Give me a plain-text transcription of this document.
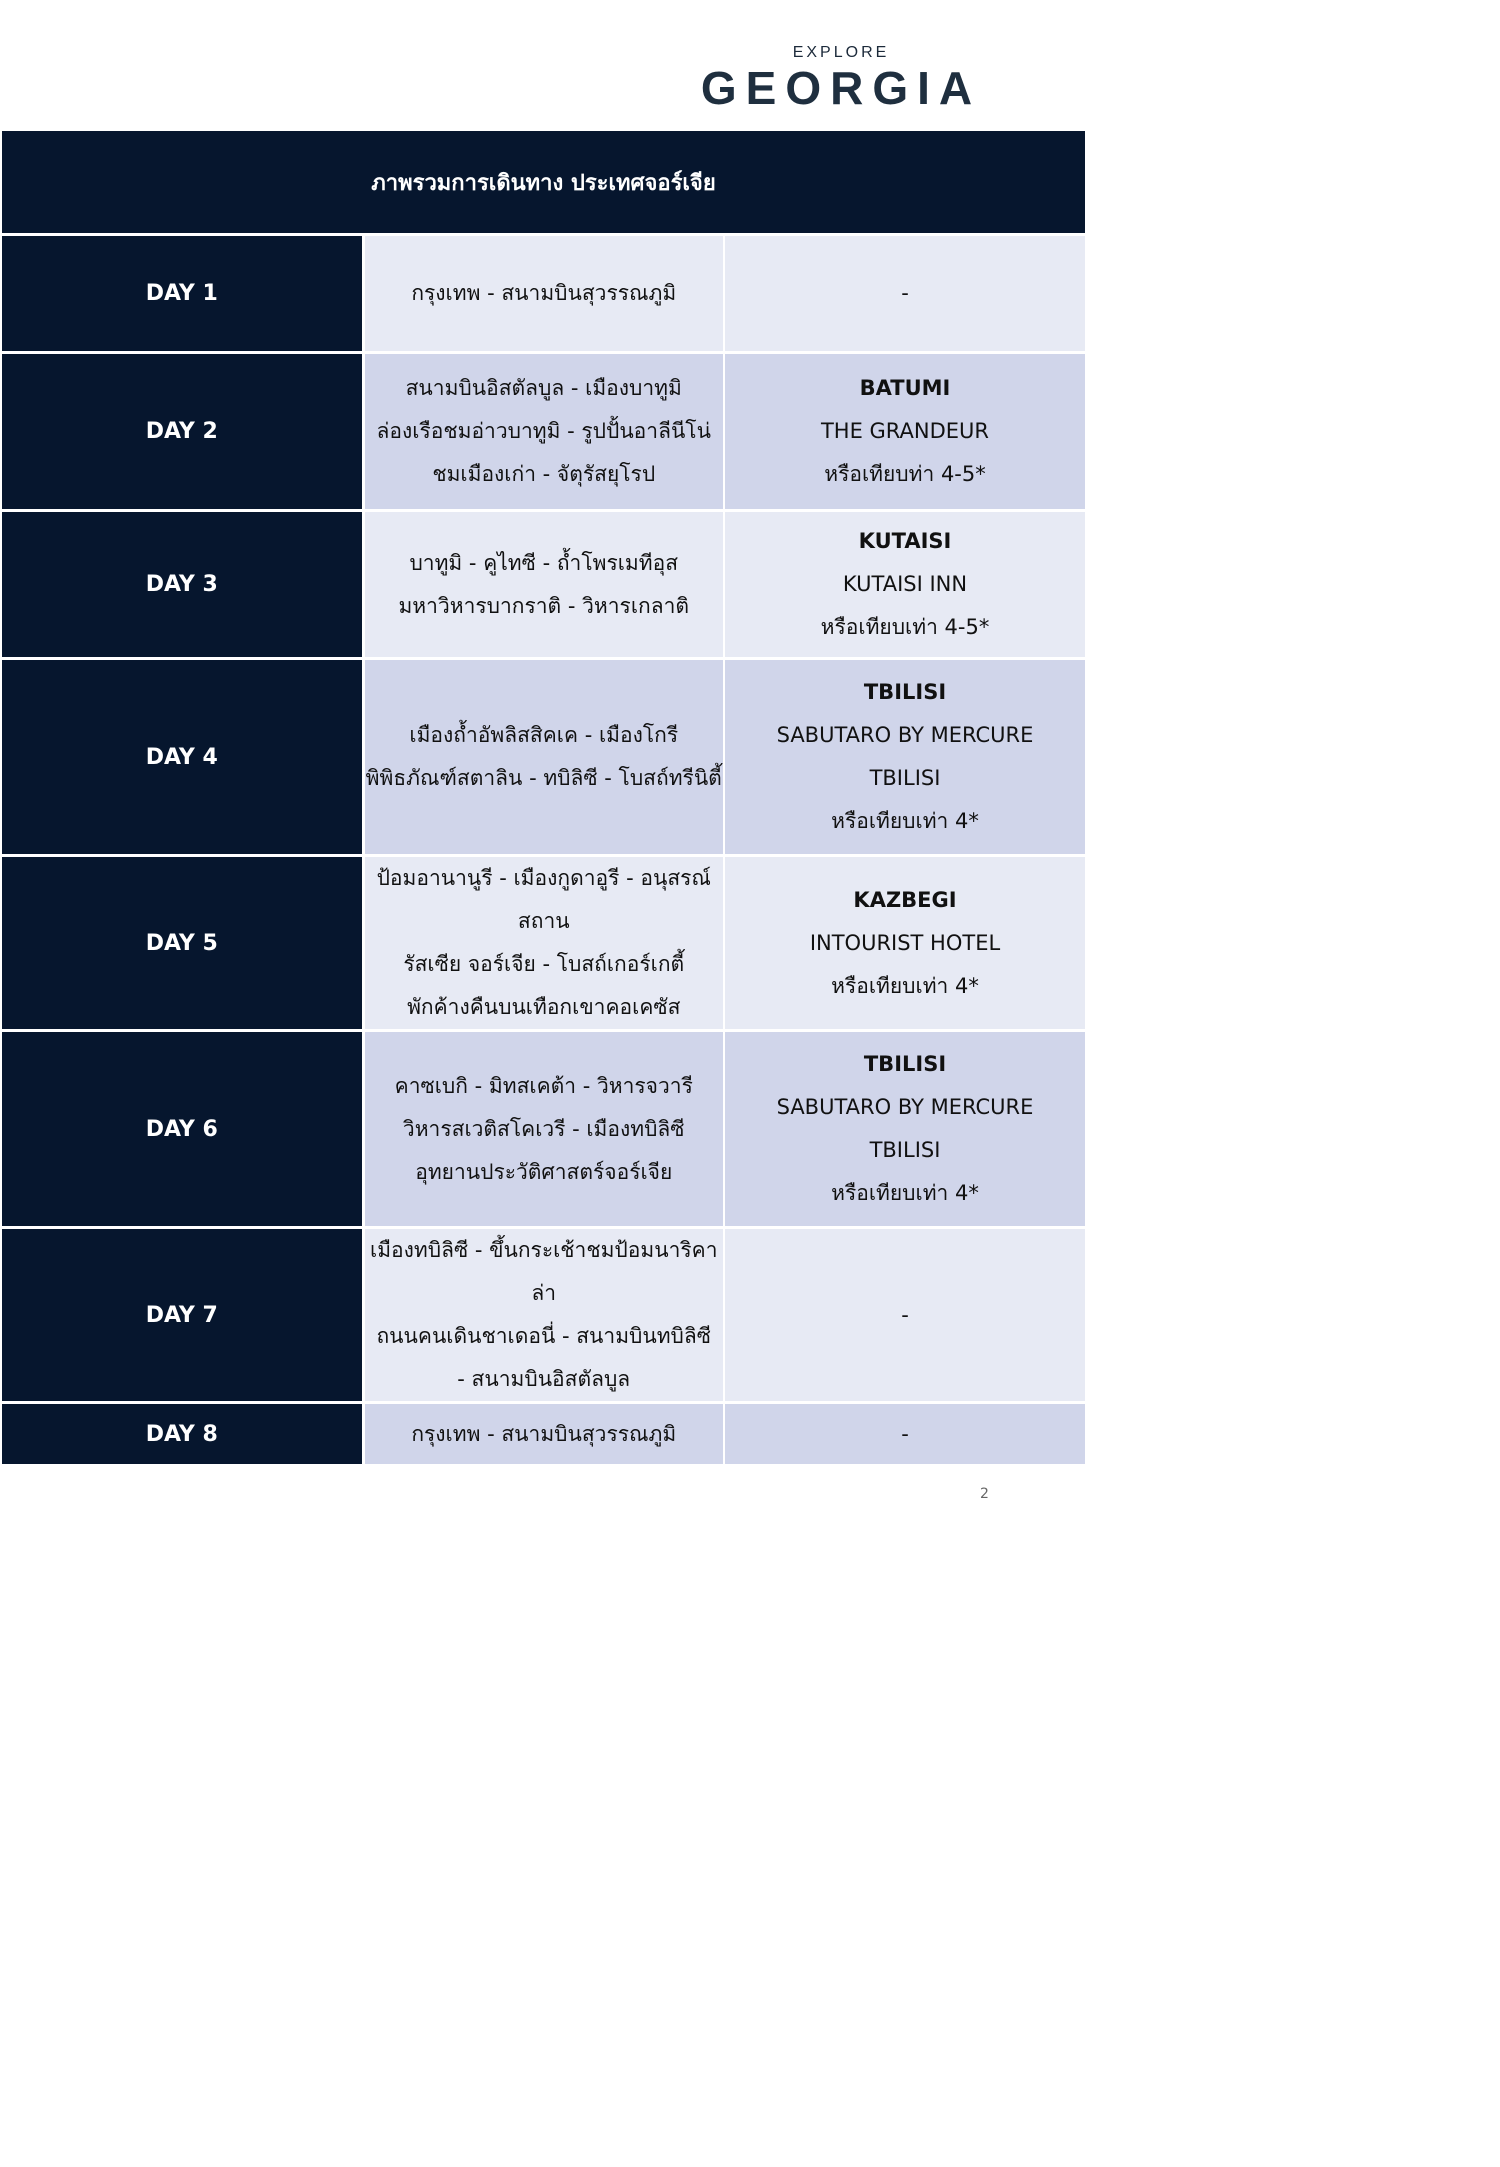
EXPLORE
GEORGIA
ภาพรวมการเดินทาง ประเทศจอร์เจีย		
DAY 1	กรุงเทพ - สนามบินสุวรรณภูมิ	-

DAY 2	สนามบินอิสตัลบูล - เมืองบาทูมิ
ล่องเรือชมอ่าวบาทูมิ - รูปปั้นอาลีนีโน่
ชมเมืองเก่า - จัตุรัสยุโรป	BATUMI
THE GRANDEUR
หรือเทียบท่า 4-5*

DAY 3	บาทูมิ - คูไทซี - ถ้ำโพรเมทีอุส
มหาวิหารบากราติ - วิหารเกลาติ	KUTAISI
KUTAISI INN
หรือเทียบเท่า 4-5*

DAY 4	เมืองถ้ำอัพลิสสิคเค - เมืองโกรี
พิพิธภัณฑ์สตาลิน - ทบิลิซี - โบสถ์ทรีนิตี้	TBILISI
SABUTARO BY MERCURE
TBILISI
หรือเทียบเท่า 4*

DAY 5	ป้อมอานานูรี - เมืองกูดาอูรี - อนุสรณ์สถาน
รัสเซีย จอร์เจีย - โบสถ์เกอร์เกตี้
พักค้างคืนบนเทือกเขาคอเคซัส	KAZBEGI
INTOURIST HOTEL
หรือเทียบเท่า 4*

DAY 6	คาซเบกิ - มิทสเคต้า - วิหารจวารี
วิหารสเวติสโคเวรี - เมืองทบิลิซี
อุทยานประวัติศาสตร์จอร์เจีย	TBILISI
SABUTARO BY MERCURE
TBILISI
หรือเทียบเท่า 4*

DAY 7	เมืองทบิลิซี - ขึ้นกระเช้าชมป้อมนาริคาล่า
ถนนคนเดินชาเดอนี่ - สนามบินทบิลิซี
- สนามบินอิสตัลบูล	-

DAY 8	กรุงเทพ - สนามบินสุวรรณภูมิ	-
2
